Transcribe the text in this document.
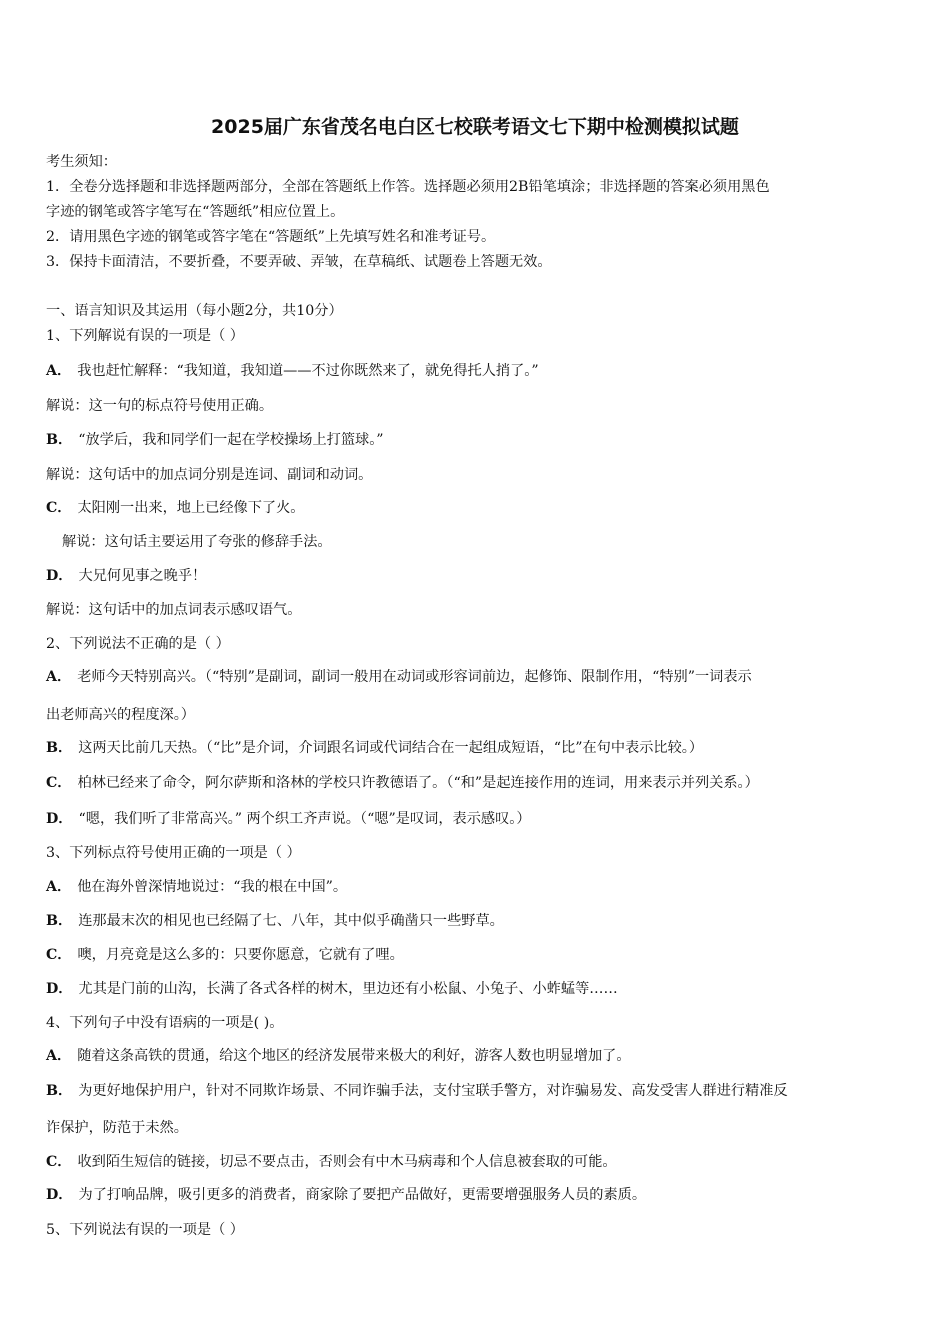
2025届广东省茂名电白区七校联考语文七下期中检测模拟试题
考生须知：
1．全卷分选择题和非选择题两部分，全部在答题纸上作答。选择题必须用2B铅笔填涂；非选择题的答案必须用黑色
字迹的钢笔或答字笔写在“答题纸”相应位置上。
2．请用黑色字迹的钢笔或答字笔在“答题纸”上先填写姓名和准考证号。
3．保持卡面清洁，不要折叠，不要弄破、弄皱，在草稿纸、试题卷上答题无效。
一、语言知识及其运用（每小题2分，共10分）
1、下列解说有误的一项是（ ）
A． 我也赶忙解释：“我知道，我知道——不过你既然来了，就免得托人捎了。”
解说：这一句的标点符号使用正确。
B． “放学后，我和同学们一起在学校操场上打篮球。”
解说：这句话中的加点词分别是连词、副词和动词。
C． 太阳刚一出来，地上已经像下了火。
解说：这句话主要运用了夸张的修辞手法。
D． 大兄何见事之晚乎！
解说：这句话中的加点词表示感叹语气。
2、下列说法不正确的是（ ）
A． 老师今天特别高兴。（“特别”是副词，副词一般用在动词或形容词前边，起修饰、限制作用，“特别”一词表示
出老师高兴的程度深。）
B． 这两天比前几天热。（“比”是介词，介词跟名词或代词结合在一起组成短语，“比”在句中表示比较。）
C． 柏林已经来了命令，阿尔萨斯和洛林的学校只许教德语了。（“和”是起连接作用的连词，用来表示并列关系。）
D． “嗯，我们听了非常高兴。” 两个织工齐声说。（“嗯”是叹词，表示感叹。）
3、下列标点符号使用正确的一项是（ ）
A． 他在海外曾深情地说过：“我的根在中国”。
B． 连那最末次的相见也已经隔了七、八年，其中似乎确凿只一些野草。
C． 噢，月亮竟是这么多的：只要你愿意，它就有了哩。
D． 尤其是门前的山沟，长满了各式各样的树木，里边还有小松鼠、小兔子、小蚱蜢等……
4、下列句子中没有语病的一项是( )。
A． 随着这条高铁的贯通，给这个地区的经济发展带来极大的利好，游客人数也明显增加了。
B． 为更好地保护用户，针对不同欺诈场景、不同诈骗手法，支付宝联手警方，对诈骗易发、高发受害人群进行精准反
诈保护，防范于未然。
C． 收到陌生短信的链接，切忌不要点击，否则会有中木马病毒和个人信息被套取的可能。
D． 为了打响品牌，吸引更多的消费者，商家除了要把产品做好，更需要增强服务人员的素质。
5、下列说法有误的一项是（ ）
